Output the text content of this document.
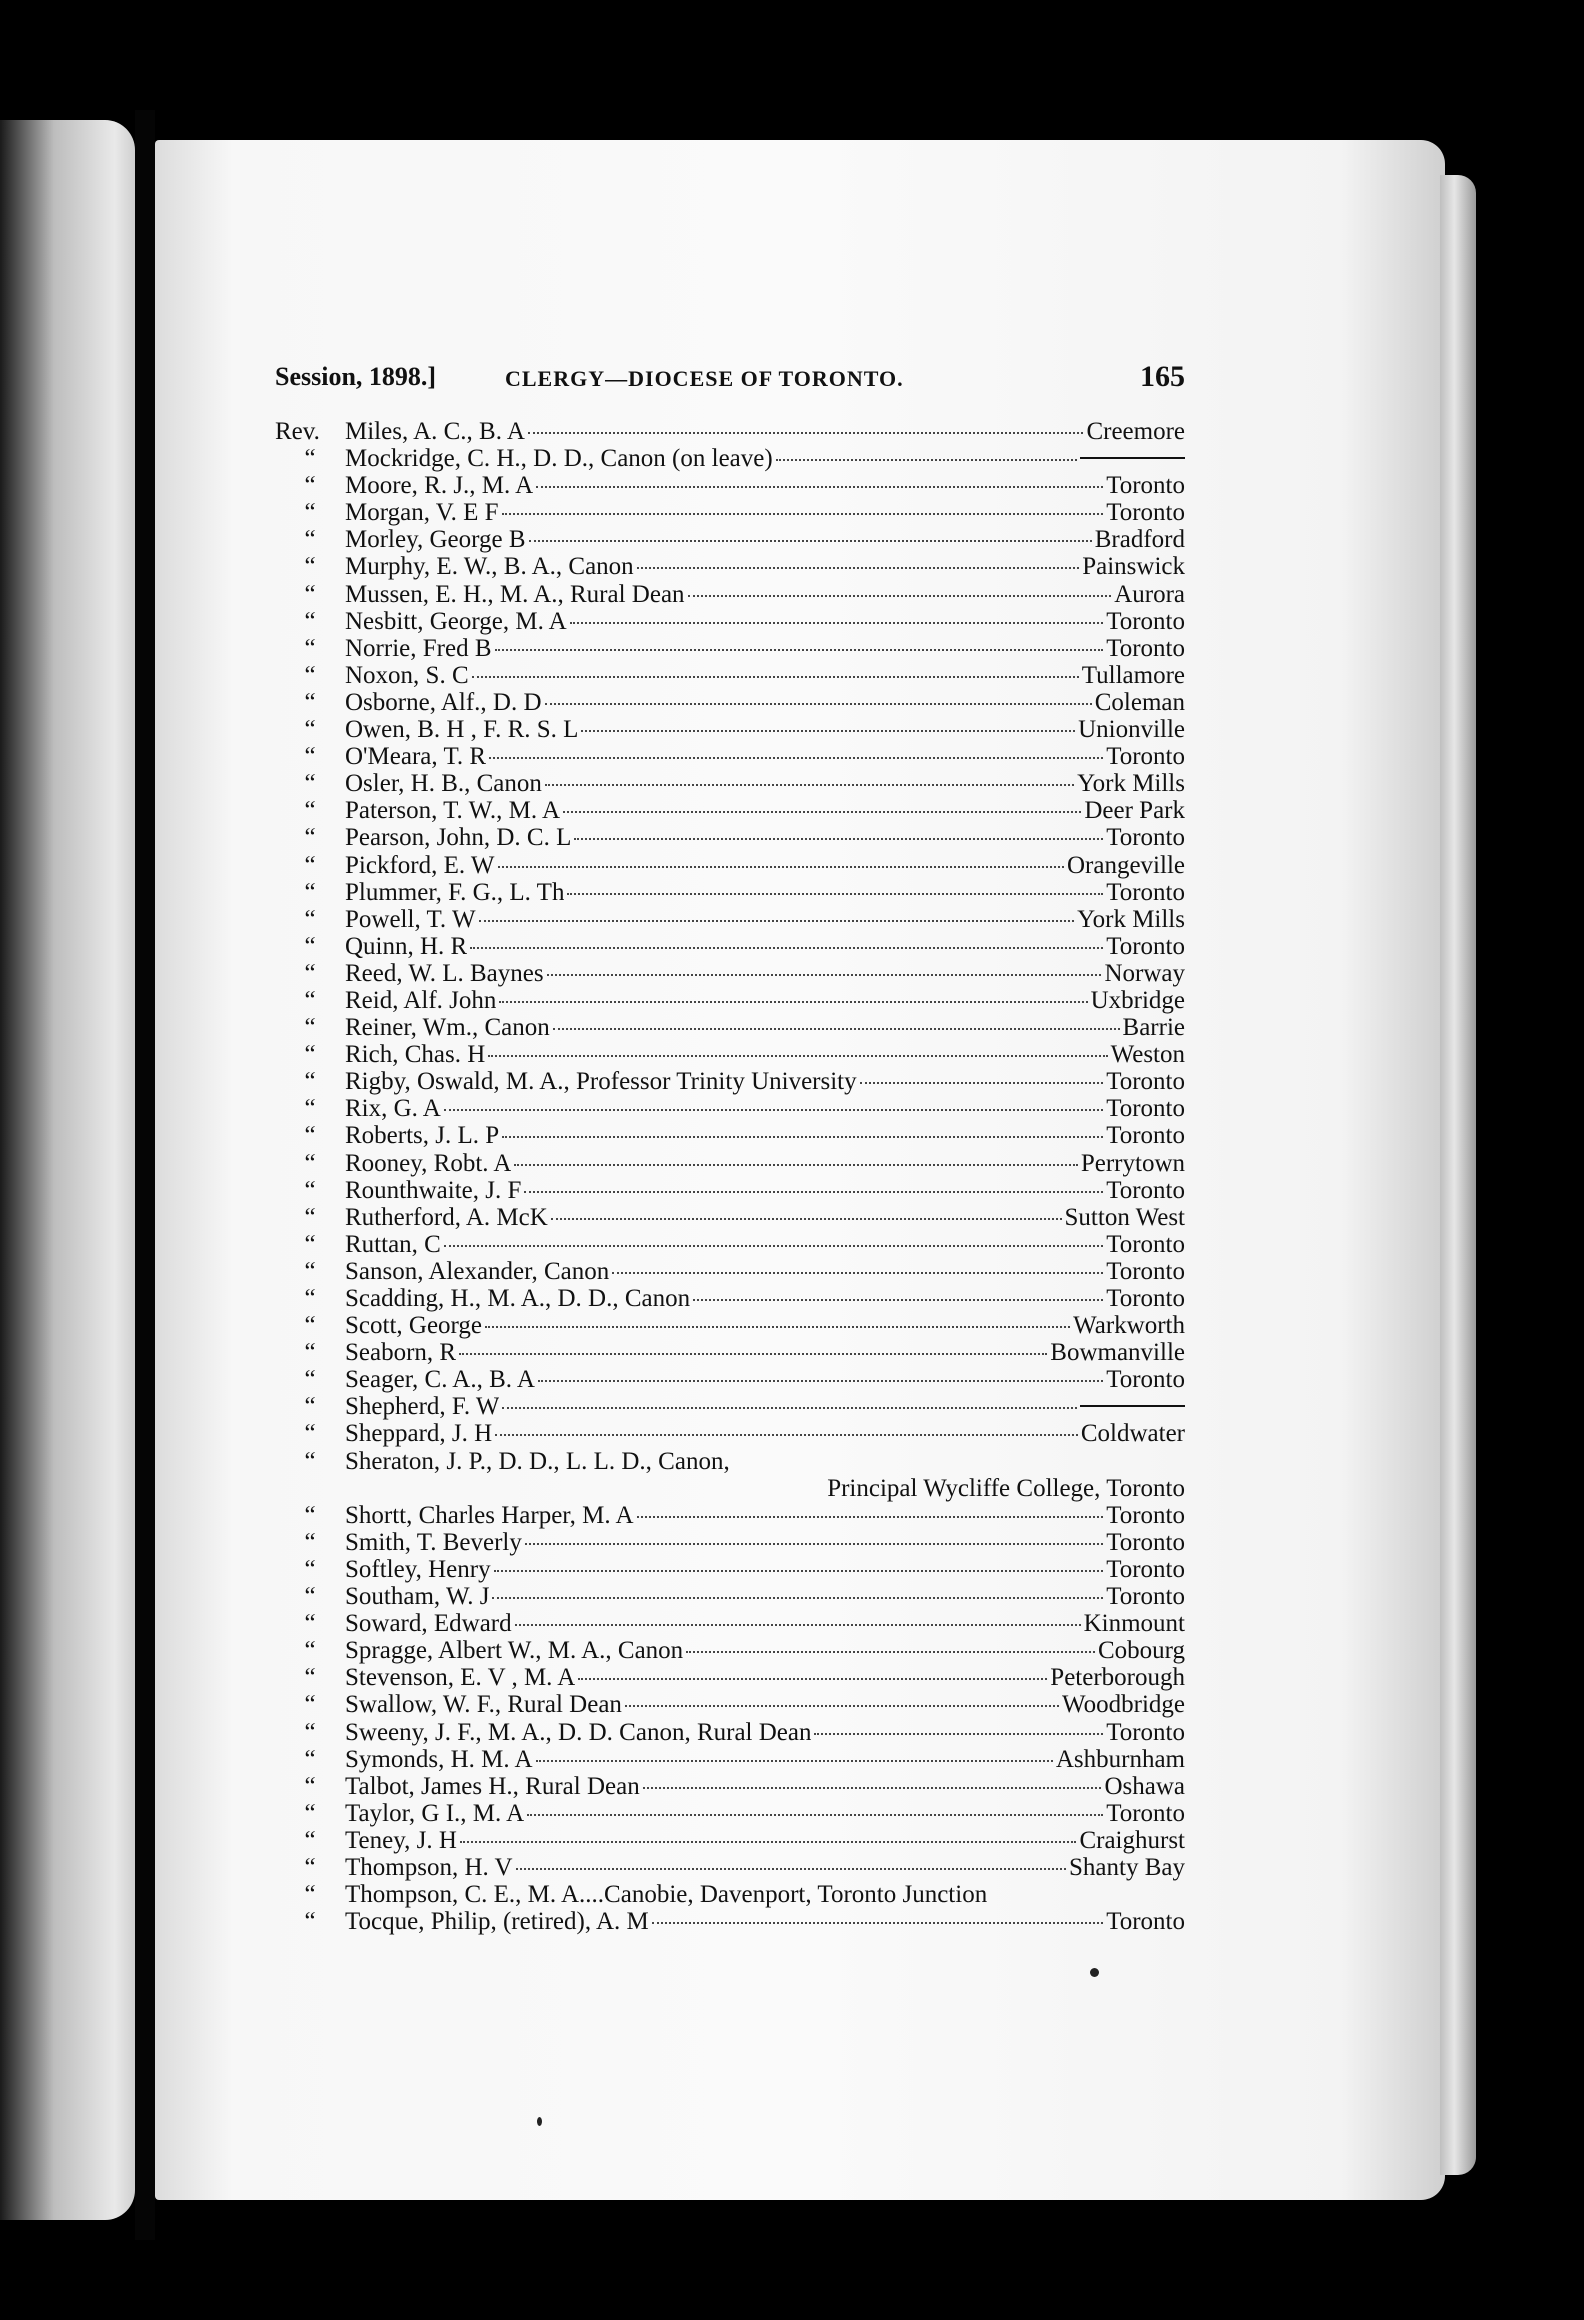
Session, 1898.]	CLERGY—DIOCESE OF TORONTO.	165
Rev.	Miles, A. C., B. A	Creemore
“	Mockridge, C. H., D. D., Canon (on leave)
“	Moore, R. J., M. A	Toronto
“	Morgan, V. E F	Toronto
“	Morley, George B	Bradford
“	Murphy, E. W., B. A., Canon	Painswick
“	Mussen, E. H., M. A., Rural Dean	Aurora
“	Nesbitt, George, M. A	Toronto
“	Norrie, Fred B	Toronto
“	Noxon, S. C	Tullamore
“	Osborne, Alf., D. D	Coleman
“	Owen, B. H , F. R. S. L	Unionville
“	O'Meara, T. R	Toronto
“	Osler, H. B., Canon	York Mills
“	Paterson, T. W., M. A	Deer Park
“	Pearson, John, D. C. L	Toronto
“	Pickford, E. W	Orangeville
“	Plummer, F. G., L. Th	Toronto
“	Powell, T. W	York Mills
“	Quinn, H. R	Toronto
“	Reed, W. L. Baynes	Norway
“	Reid, Alf. John	Uxbridge
“	Reiner, Wm., Canon	Barrie
“	Rich, Chas. H	Weston
“	Rigby, Oswald, M. A., Professor Trinity University	Toronto
“	Rix, G. A	Toronto
“	Roberts, J. L. P	Toronto
“	Rooney, Robt. A	Perrytown
“	Rounthwaite, J. F	Toronto
“	Rutherford, A. McK	Sutton West
“	Ruttan, C	Toronto
“	Sanson, Alexander, Canon	Toronto
“	Scadding, H., M. A., D. D., Canon	Toronto
“	Scott, George	Warkworth
“	Seaborn, R	Bowmanville
“	Seager, C. A., B. A	Toronto
“	Shepherd, F. W
“	Sheppard, J. H	Coldwater
“	Sheraton, J. P., D. D., L. L. D., Canon,
Principal Wycliffe College, Toronto
“	Shortt, Charles Harper, M. A	Toronto
“	Smith, T. Beverly	Toronto
“	Softley, Henry	Toronto
“	Southam, W. J	Toronto
“	Soward, Edward	Kinmount
“	Spragge, Albert W., M. A., Canon	Cobourg
“	Stevenson, E. V , M. A	Peterborough
“	Swallow, W. F., Rural Dean	Woodbridge
“	Sweeny, J. F., M. A., D. D. Canon, Rural Dean	Toronto
“	Symonds, H. M. A	Ashburnham
“	Talbot, James H., Rural Dean	Oshawa
“	Taylor, G I., M. A	Toronto
“	Teney, J. H	Craighurst
“	Thompson, H. V	Shanty Bay
“	Thompson, C. E., M. A....Canobie, Davenport, Toronto Junction
“	Tocque, Philip, (retired), A. M	Toronto
